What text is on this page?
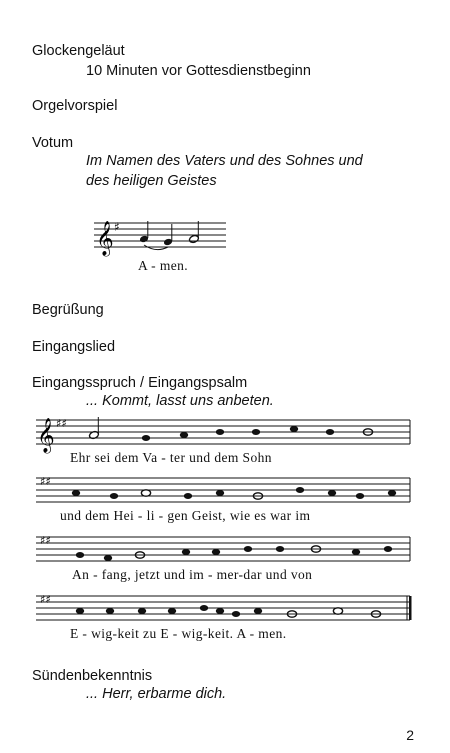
Glockengeläut
10 Minuten vor Gottesdienstbeginn
Orgelvorspiel
Votum
Im Namen des Vaters und des Sohnes und
des heiligen Geistes
𝄞 ♯
A - men.
Begrüßung
Eingangslied
Eingangsspruch / Eingangspsalm
... Kommt, lasst uns anbeten.
𝄞 ♯♯
Ehr sei dem Va - ter und dem Sohn
♯♯
und dem Hei - li - gen Geist, wie es war im
♯♯
An - fang, jetzt und im - mer-dar und von
♯♯
E - wig-keit zu E - wig-keit. A - men.
Sündenbekenntnis
... Herr, erbarme dich.
2
